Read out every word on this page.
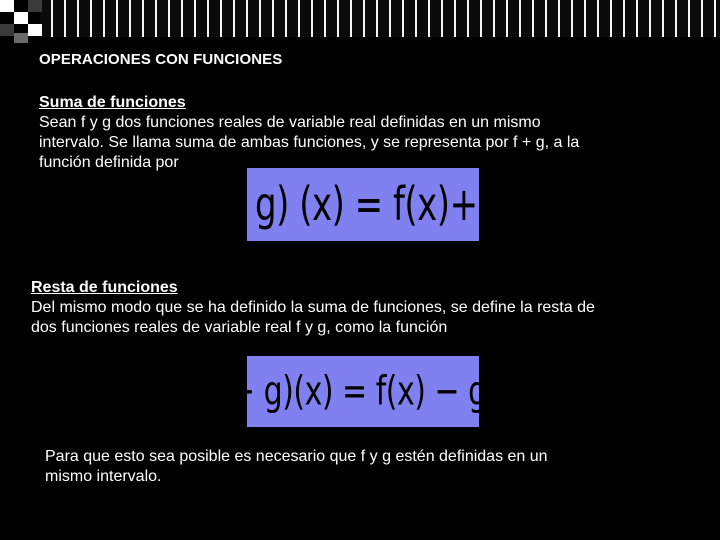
OPERACIONES CON FUNCIONES
Suma de funciones
Sean f y g dos funciones reales de variable real definidas en un mismo
intervalo. Se llama suma de ambas funciones, y se representa por f + g, a la
función definida por
(f + g) (x) = f(x)+g(x)
Resta de funciones
Del mismo modo que se ha definido la suma de funciones, se define la resta de
dos funciones reales de variable real f y g, como la función
(f − g)(x) = f(x) − g(x)
Para que esto sea posible es necesario que f y g estén definidas en un
mismo intervalo.
